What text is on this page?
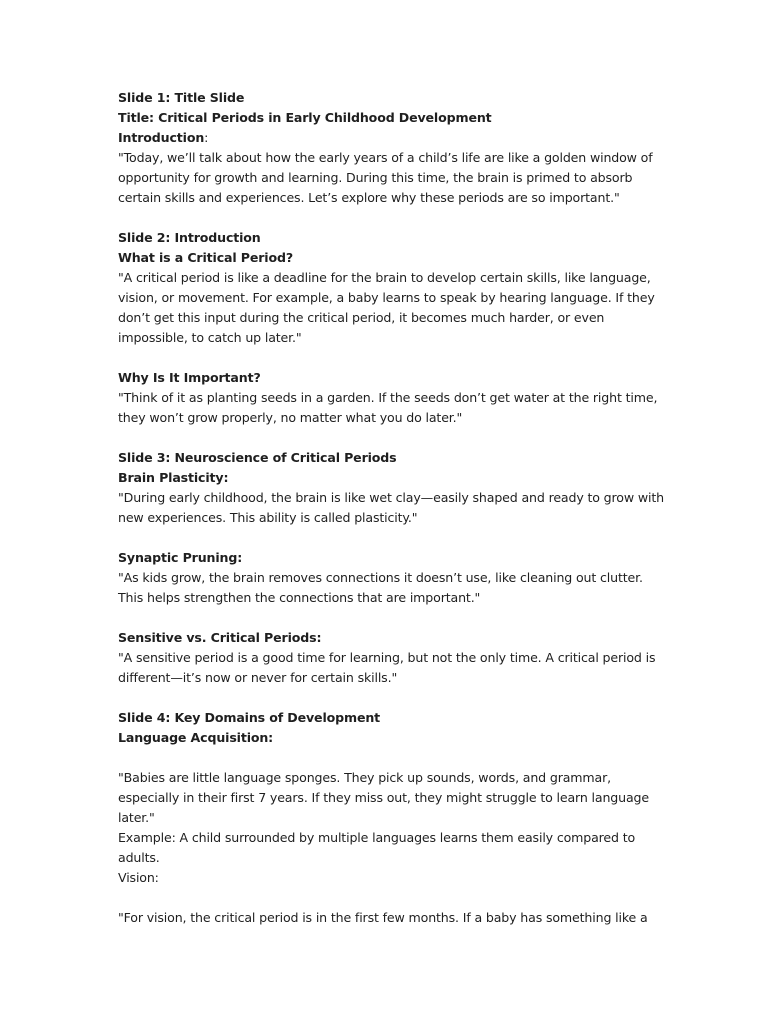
Slide 1: Title Slide
Title: Critical Periods in Early Childhood Development
Introduction:
"Today, we’ll talk about how the early years of a child’s life are like a golden window of
opportunity for growth and learning. During this time, the brain is primed to absorb
certain skills and experiences. Let’s explore why these periods are so important."
Slide 2: Introduction
What is a Critical Period?
"A critical period is like a deadline for the brain to develop certain skills, like language,
vision, or movement. For example, a baby learns to speak by hearing language. If they
don’t get this input during the critical period, it becomes much harder, or even
impossible, to catch up later."
Why Is It Important?
"Think of it as planting seeds in a garden. If the seeds don’t get water at the right time,
they won’t grow properly, no matter what you do later."
Slide 3: Neuroscience of Critical Periods
Brain Plasticity:
"During early childhood, the brain is like wet clay—easily shaped and ready to grow with
new experiences. This ability is called plasticity."
Synaptic Pruning:
"As kids grow, the brain removes connections it doesn’t use, like cleaning out clutter.
This helps strengthen the connections that are important."
Sensitive vs. Critical Periods:
"A sensitive period is a good time for learning, but not the only time. A critical period is
different—it’s now or never for certain skills."
Slide 4: Key Domains of Development
Language Acquisition:
"Babies are little language sponges. They pick up sounds, words, and grammar,
especially in their first 7 years. If they miss out, they might struggle to learn language
later."
Example: A child surrounded by multiple languages learns them easily compared to
adults.
Vision:
"For vision, the critical period is in the first few months. If a baby has something like a
